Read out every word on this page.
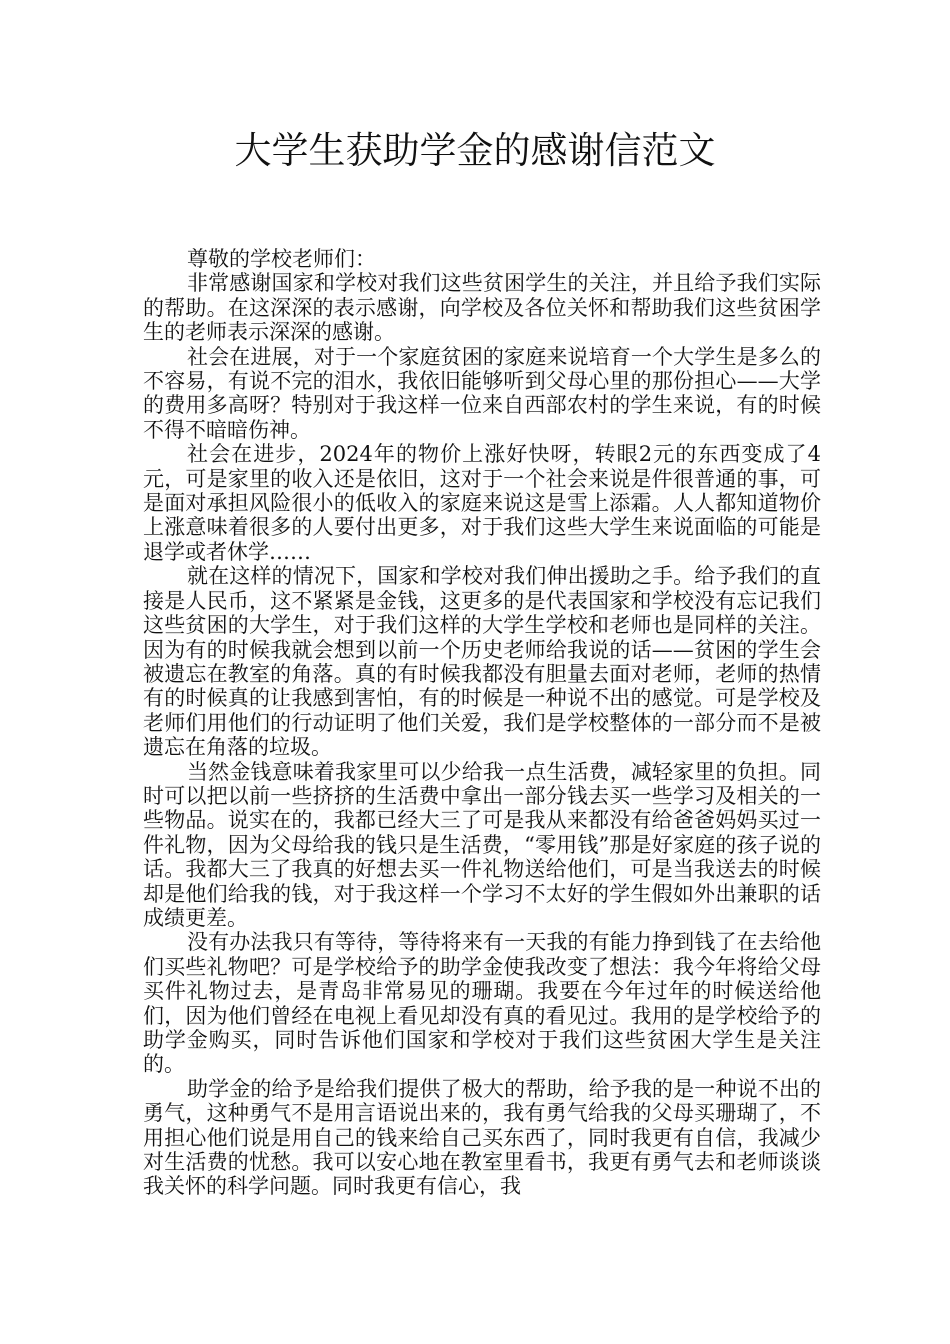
大学生获助学金的感谢信范文

尊敬的学校老师们：

非常感谢国家和学校对我们这些贫困学生的关注，并且给予我们实际的帮助。在这深深的表示感谢，向学校及各位关怀和帮助我们这些贫困学生的老师表示深深的感谢。

社会在进展，对于一个家庭贫困的家庭来说培育一个大学生是多么的不容易，有说不完的泪水，我依旧能够听到父母心里的那份担心——大学的费用多高呀？特别对于我这样一位来自西部农村的学生来说，有的时候不得不暗暗伤神。

社会在进步，2024年的物价上涨好快呀，转眼2元的东西变成了4元，可是家里的收入还是依旧，这对于一个社会来说是件很普通的事，可是面对承担风险很小的低收入的家庭来说这是雪上添霜。人人都知道物价上涨意味着很多的人要付出更多，对于我们这些大学生来说面临的可能是退学或者休学……

就在这样的情况下，国家和学校对我们伸出援助之手。给予我们的直接是人民币，这不紧紧是金钱，这更多的是代表国家和学校没有忘记我们这些贫困的大学生，对于我们这样的大学生学校和老师也是同样的关注。因为有的时候我就会想到以前一个历史老师给我说的话——贫困的学生会被遗忘在教室的角落。真的有时候我都没有胆量去面对老师，老师的热情有的时候真的让我感到害怕，有的时候是一种说不出的感觉。可是学校及老师们用他们的行动证明了他们关爱，我们是学校整体的一部分而不是被遗忘在角落的垃圾。

当然金钱意味着我家里可以少给我一点生活费，减轻家里的负担。同时可以把以前一些挤挤的生活费中拿出一部分钱去买一些学习及相关的一些物品。说实在的，我都已经大三了可是我从来都没有给爸爸妈妈买过一件礼物，因为父母给我的钱只是生活费，“零用钱”那是好家庭的孩子说的话。我都大三了我真的好想去买一件礼物送给他们，可是当我送去的时候却是他们给我的钱，对于我这样一个学习不太好的学生假如外出兼职的话成绩更差。

没有办法我只有等待，等待将来有一天我的有能力挣到钱了在去给他们买些礼物吧？可是学校给予的助学金使我改变了想法：我今年将给父母买件礼物过去，是青岛非常易见的珊瑚。我要在今年过年的时候送给他们，因为他们曾经在电视上看见却没有真的看见过。我用的是学校给予的助学金购买，同时告诉他们国家和学校对于我们这些贫困大学生是关注的。

助学金的给予是给我们提供了极大的帮助，给予我的是一种说不出的勇气，这种勇气不是用言语说出来的，我有勇气给我的父母买珊瑚了，不用担心他们说是用自己的钱来给自己买东西了，同时我更有自信，我减少对生活费的忧愁。我可以安心地在教室里看书，我更有勇气去和老师谈谈我关怀的科学问题。同时我更有信心，我
